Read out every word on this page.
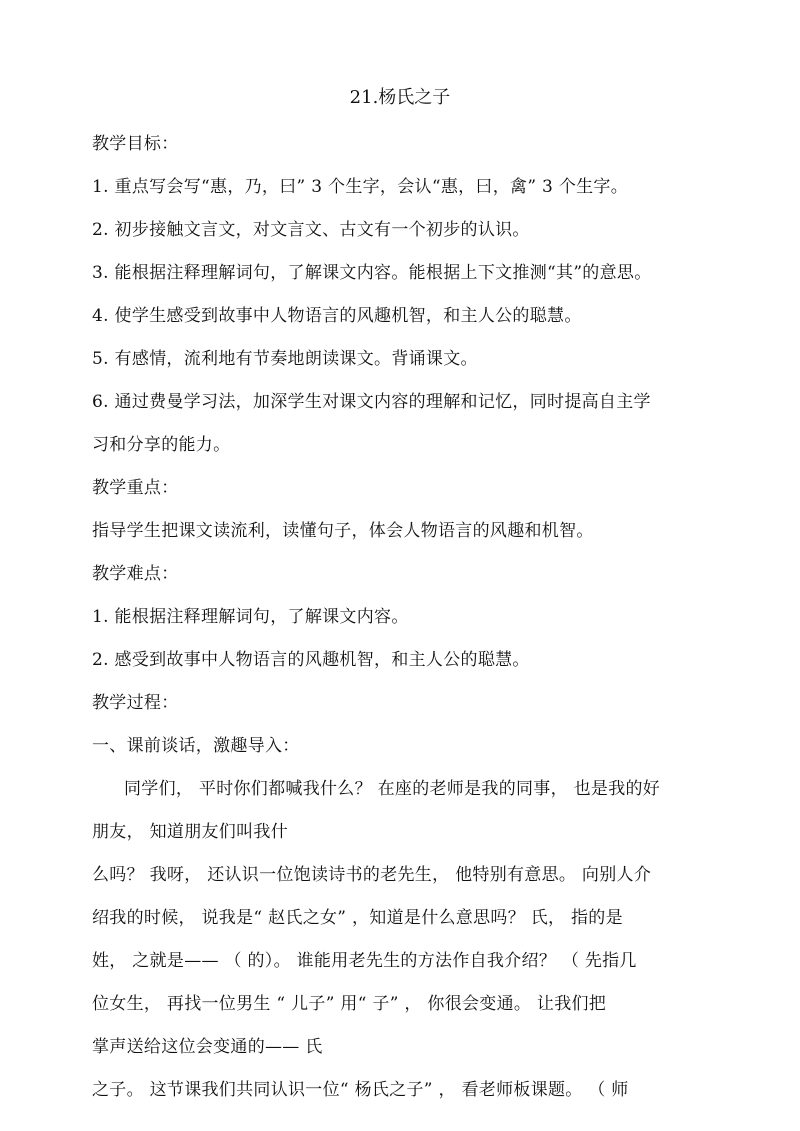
21.杨氏之子
教学目标：
1. 重点写会写“惠，乃，曰” 3 个生字，会认“惠，曰，禽” 3 个生字。
2. 初步接触文言文，对文言文、古文有一个初步的认识。
3. 能根据注释理解词句，了解课文内容。能根据上下文推测“其”的意思。
4. 使学生感受到故事中人物语言的风趣机智，和主人公的聪慧。
5. 有感情，流利地有节奏地朗读课文。背诵课文。
6. 通过费曼学习法，加深学生对课文内容的理解和记忆，同时提高自主学
习和分享的能力。
教学重点：
指导学生把课文读流利，读懂句子，体会人物语言的风趣和机智。
教学难点：
1. 能根据注释理解词句，了解课文内容。
2. 感受到故事中人物语言的风趣机智，和主人公的聪慧。
教学过程：
一、课前谈话，激趣导入：
同学们， 平时你们都喊我什么？ 在座的老师是我的同事， 也是我的好
朋友， 知道朋友们叫我什
么吗？ 我呀， 还认识一位饱读诗书的老先生， 他特别有意思。 向别人介
绍我的时候， 说我是“ 赵氏之女” ，知道是什么意思吗？ 氏， 指的是
姓， 之就是—— （ 的）。 谁能用老先生的方法作自我介绍？ （ 先指几
位女生， 再找一位男生 “ 儿子” 用“ 子” ， 你很会变通。 让我们把
掌声送给这位会变通的—— 氏
之子。 这节课我们共同认识一位“ 杨氏之子” ， 看老师板课题。 （ 师
